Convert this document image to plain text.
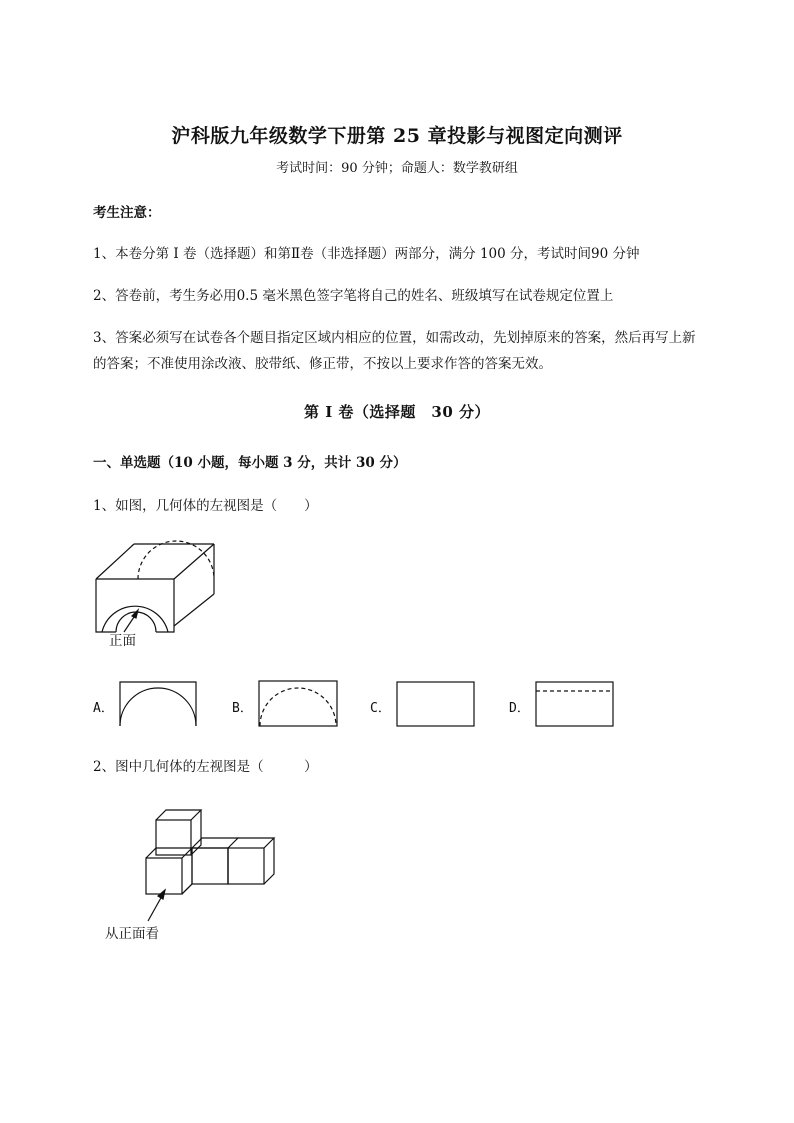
沪科版九年级数学下册第 25 章投影与视图定向测评
考试时间：90 分钟；命题人：数学教研组
考生注意：
1、本卷分第 I 卷（选择题）和第Ⅱ卷（非选择题）两部分，满分 100 分，考试时间90 分钟
2、答卷前，考生务必用0.5 毫米黑色签字笔将自己的姓名、班级填写在试卷规定位置上
3、答案必须写在试卷各个题目指定区域内相应的位置，如需改动，先划掉原来的答案，然后再写上新
的答案；不准使用涂改液、胶带纸、修正带，不按以上要求作答的答案无效。
第 I 卷（选择题　30 分）
一、单选题（10 小题，每小题 3 分，共计 30 分）
1、如图，几何体的左视图是（　　）
正面
A．	B．	C．	D．
2、图中几何体的左视图是（　　　）
从正面看
